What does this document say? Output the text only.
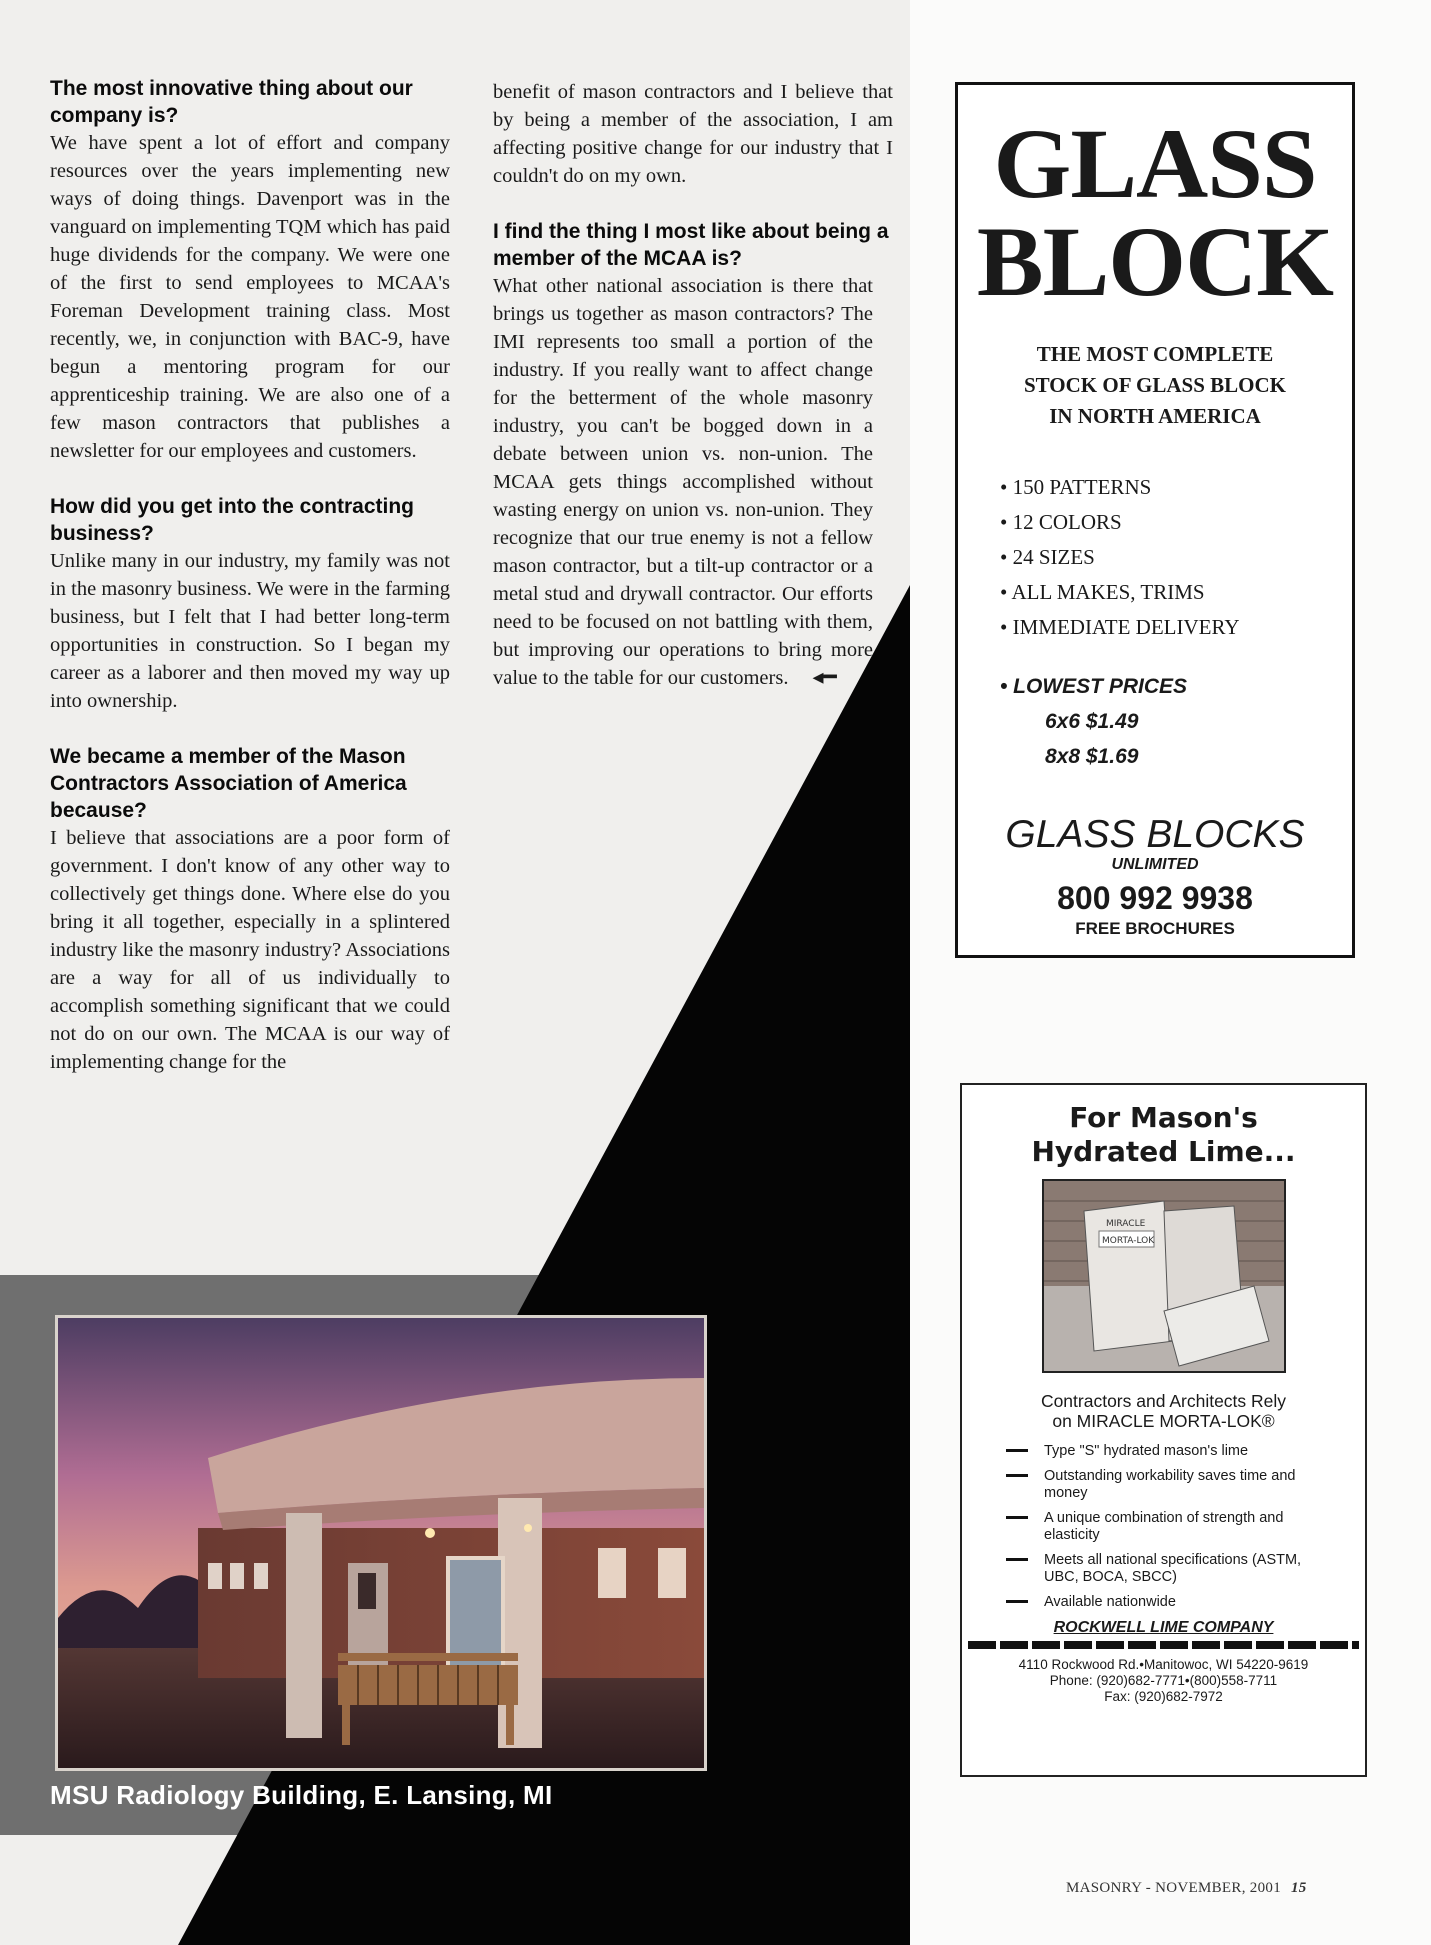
The most innovative thing about our company is?

We have spent a lot of effort and company resources over the years implementing new ways of doing things. Davenport was in the vanguard on implementing TQM which has paid huge dividends for the company. We were one of the first to send employees to MCAA's Foreman Development training class. Most recently, we, in conjunction with BAC-9, have begun a mentoring program for our apprenticeship training. We are also one of a few mason contractors that publishes a newsletter for our employees and customers.

How did you get into the contracting business?

Unlike many in our industry, my family was not in the masonry business. We were in the farming business, but I felt that I had better long-term opportunities in construction. So I began my career as a laborer and then moved my way up into ownership.

We became a member of the Mason Contractors Association of America because?

I believe that associations are a poor form of government. I don't know of any other way to collectively get things done. Where else do you bring it all together, especially in a splintered industry like the masonry industry? Associations are a way for all of us individually to accomplish something significant that we could not do on our own. The MCAA is our way of implementing change for the

benefit of mason contractors and I believe that by being a member of the association, I am affecting positive change for our industry that I couldn't do on my own.

I find the thing I most like about being a member of the MCAA is?

What other national association is there that brings us together as mason contractors? The IMI represents too small a portion of the industry. If you really want to affect change for the betterment of the whole masonry industry, you can't be bogged down in a debate between union vs. non-union. The MCAA gets things accomplished without wasting energy on union vs. non-union. They recognize that our true enemy is not a fellow mason contractor, but a tilt-up contractor or a metal stud and drywall contractor. Our efforts need to be focused on not battling with them, but improving our operations to bring more value to the table for our customers. ◂━

MSU Radiology Building, E. Lansing, MI
GLASS
BLOCK
THE MOST COMPLETE
STOCK OF GLASS BLOCK
IN NORTH AMERICA
• 150 PATTERNS
• 12 COLORS
• 24 SIZES
• ALL MAKES, TRIMS
• IMMEDIATE DELIVERY
• LOWEST PRICES
6x6 $1.49
8x8 $1.69
GLASS BLOCKS
UNLIMITED
800 992 9938
FREE BROCHURES
For Mason's
Hydrated Lime...
MIRACLE
MORTA-LOK
Contractors and Architects Rely
on MIRACLE MORTA-LOK®
Type "S" hydrated mason's lime
Outstanding workability saves time and money
A unique combination of strength and elasticity
Meets all national specifications (ASTM, UBC, BOCA, SBCC)
Available nationwide
ROCKWELL LIME COMPANY
4110 Rockwood Rd.•Manitowoc, WI 54220-9619
Phone: (920)682-7771•(800)558-7711
Fax: (920)682-7972
MASONRY - NOVEMBER, 2001 15
